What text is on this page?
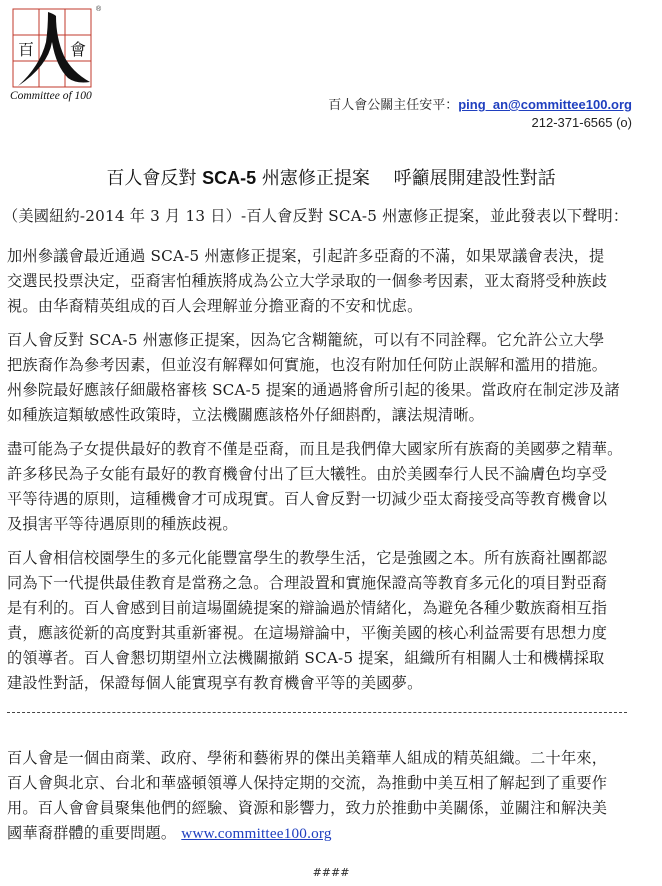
百 會
®
Committee of 100
百人會公關主任安平：ping_an@committee100.org
212-371-6565 (o)
百人會反對 SCA-5 州憲修正提案　 呼籲展開建設性對話
（美國紐約-2014 年 3 月 13 日）-百人會反對 SCA-5 州憲修正提案，並此發表以下聲明：
加州參議會最近通過 SCA-5 州憲修正提案，引起許多亞裔的不滿，如果眾議會表決，提
交選民投票決定，亞裔害怕種族將成為公立大学录取的一個參考因素，亚太裔將受种族歧
視。由华裔精英组成的百人会理解並分擔亚裔的不安和忧虑。
百人會反對 SCA-5 州憲修正提案，因為它含糊籠統，可以有不同詮釋。它允許公立大學
把族裔作為參考因素，但並沒有解釋如何實施，也沒有附加任何防止誤解和濫用的措施。
州參院最好應該仔細嚴格審核 SCA-5 提案的通過將會所引起的後果。當政府在制定涉及諸
如種族這類敏感性政策時，立法機關應該格外仔細斟酌，讓法規清晰。
盡可能為子女提供最好的教育不僅是亞裔，而且是我們偉大國家所有族裔的美國夢之精華。
許多移民為子女能有最好的教育機會付出了巨大犧牲。由於美國奉行人民不論膚色均享受
平等待遇的原則，這種機會才可成現實。百人會反對一切減少亞太裔接受高等教育機會以
及損害平等待遇原則的種族歧視。
百人會相信校園學生的多元化能豐富學生的教學生活，它是強國之本。所有族裔社團都認
同為下一代提供最佳教育是當務之急。合理設置和實施保證高等教育多元化的項目對亞裔
是有利的。百人會感到目前這場圍繞提案的辯論過於情緒化，為避免各種少數族裔相互指
責，應該從新的高度對其重新審視。在這場辯論中，平衡美國的核心利益需要有思想力度
的領導者。百人會懇切期望州立法機關撤銷 SCA-5 提案，組織所有相關人士和機構採取
建設性對話，保證每個人能實現享有教育機會平等的美國夢。
百人會是一個由商業、政府、學術和藝術界的傑出美籍華人組成的精英組織。二十年來，
百人會與北京、台北和華盛頓領導人保持定期的交流，為推動中美互相了解起到了重要作
用。百人會會員聚集他們的經驗、資源和影響力，致力於推動中美關係，並關注和解決美
國華裔群體的重要問題。 www.committee100.org
####
